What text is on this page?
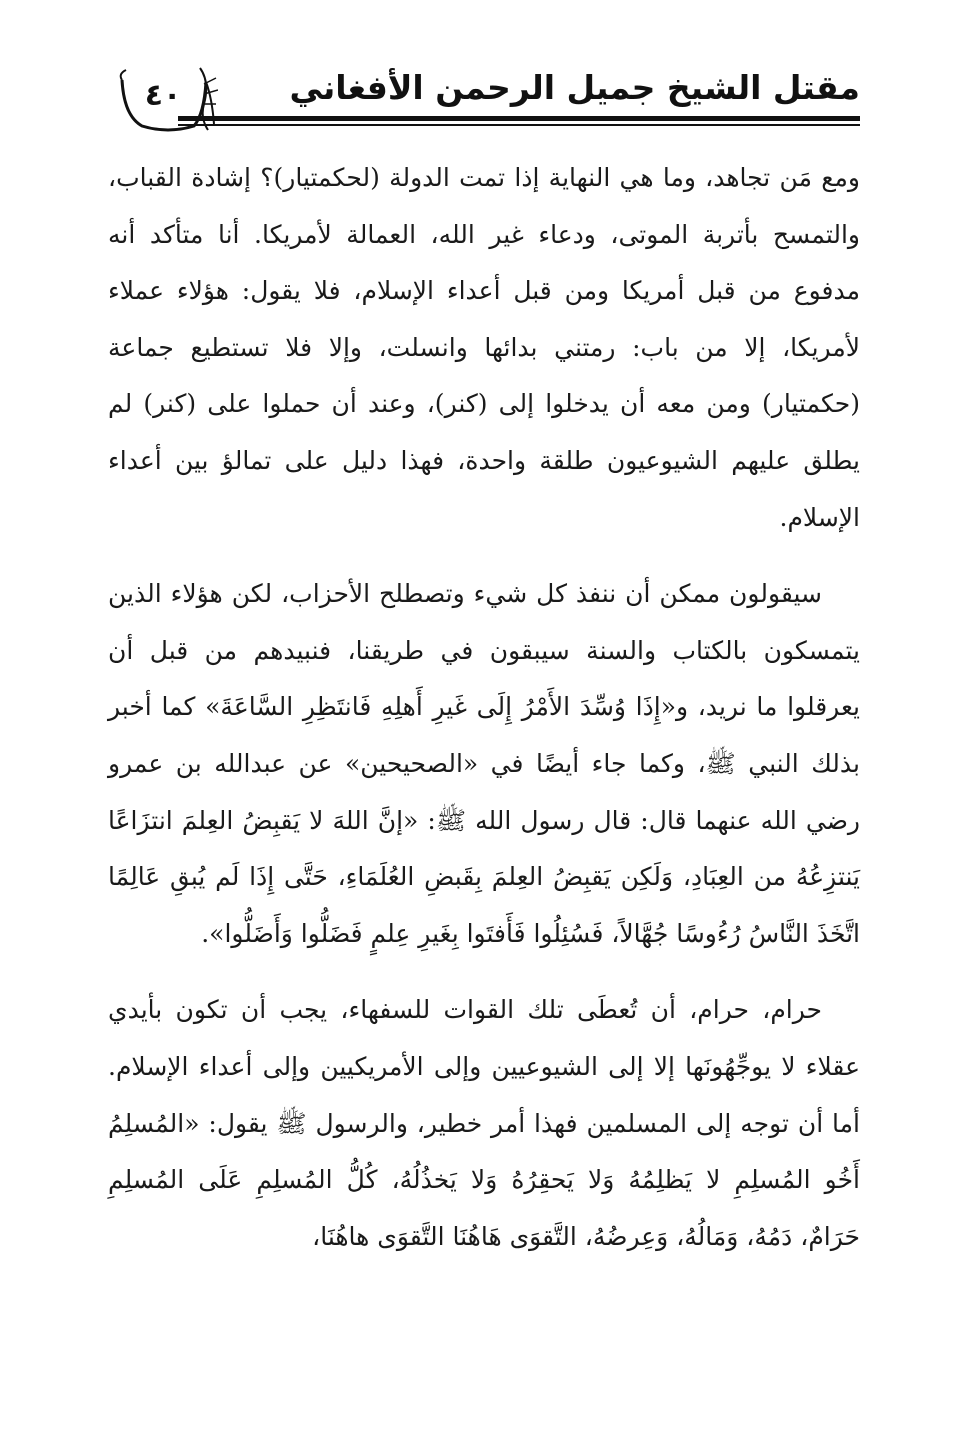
مقتل الشيخ جميل الرحمن الأفغاني
٤٠

ومع مَن تجاهد، وما هي النهاية إذا تمت الدولة (لحكمتيار)؟ إشادة القباب، والتمسح بأتربة الموتى، ودعاء غير الله، العمالة لأمريكا. أنا متأكد أنه مدفوع من قبل أمريكا ومن قبل أعداء الإسلام، فلا يقول: هؤلاء عملاء لأمريكا، إلا من باب: رمتني بدائها وانسلت، وإلا فلا تستطيع جماعة (حكمتيار) ومن معه أن يدخلوا إلى (كنر)، وعند أن حملوا على (كنر) لم يطلق عليهم الشيوعيون طلقة واحدة، فهذا دليل على تمالؤ بين أعداء الإسلام.

سيقولون ممكن أن ننفذ كل شيء وتصطلح الأحزاب، لكن هؤلاء الذين يتمسكون بالكتاب والسنة سيبقون في طريقنا، فنبيدهم من قبل أن يعرقلوا ما نريد، و«إِذَا وُسِّدَ الأَمْرُ إِلَى غَيرِ أَهلِهِ فَانتَظِرِ السَّاعَةَ» كما أخبر بذلك النبي ﷺ، وكما جاء أيضًا في «الصحيحين» عن عبدالله بن عمرو رضي الله عنهما قال: قال رسول الله ﷺ: «إنَّ اللهَ لا يَقبِضُ العِلمَ انتزَاعًا يَنتزِعُهُ من العِبَادِ، وَلَكِن يَقبِضُ العِلمَ بِقَبضِ العُلَمَاءِ، حَتَّى إِذَا لَم يُبقِ عَالِمًا اتَّخَذَ النَّاسُ رُءُوسًا جُهَّالاً، فَسُئِلُوا فَأَفتَوا بِغَيرِ عِلمٍ فَضَلُّوا وَأَضَلُّوا».

حرام، حرام، أن تُعطَى تلك القوات للسفهاء، يجب أن تكون بأيدي عقلاء لا يوجِّهُونَها إلا إلى الشيوعيين وإلى الأمريكيين وإلى أعداء الإسلام. أما أن توجه إلى المسلمين فهذا أمر خطير، والرسول ﷺ يقول: «المُسلِمُ أَخُو المُسلِمِ لا يَظلِمُهُ وَلا يَحقِرُهُ وَلا يَخذُلُهُ، كُلُّ المُسلِمِ عَلَى المُسلِمِ حَرَامٌ، دَمُهُ، وَمَالُهُ، وَعِرضُهُ، التَّقوَى هَاهُنَا التَّقوَى هاهُنَا،
